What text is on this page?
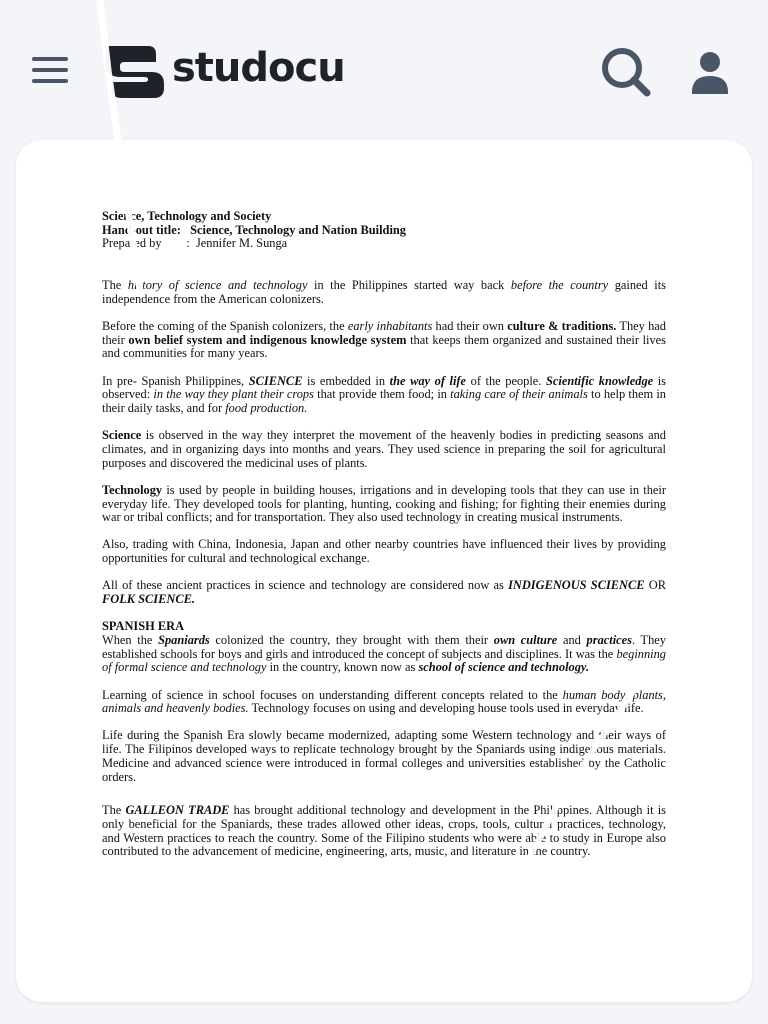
studocu

Science, Technology and Society

Hand-out title: Science, Technology and Nation Building

Prepared by : Jennifer M. Sunga

The history of science and technology in the Philippines started way back before the country gained its independence from the American colonizers.

Before the coming of the Spanish colonizers, the early inhabitants had their own culture & traditions. They had their own belief system and indigenous knowledge system that keeps them organized and sustained their lives and communities for many years.

In pre- Spanish Philippines, SCIENCE is embedded in the way of life of the people. Scientific knowledge is observed: in the way they plant their crops that provide them food; in taking care of their animals to help them in their daily tasks, and for food production.

Science is observed in the way they interpret the movement of the heavenly bodies in predicting seasons and climates, and in organizing days into months and years. They used science in preparing the soil for agricultural purposes and discovered the medicinal uses of plants.

Technology is used by people in building houses, irrigations and in developing tools that they can use in their everyday life. They developed tools for planting, hunting, cooking and fishing; for fighting their enemies during war or tribal conflicts; and for transportation. They also used technology in creating musical instruments.

Also, trading with China, Indonesia, Japan and other nearby countries have influenced their lives by providing opportunities for cultural and technological exchange.

All of these ancient practices in science and technology are considered now as INDIGENOUS SCIENCE OR FOLK SCIENCE.

SPANISH ERA

When the Spaniards colonized the country, they brought with them their own culture and practices. They established schools for boys and girls and introduced the concept of subjects and disciplines. It was the beginning of formal science and technology in the country, known now as school of science and technology.

Learning of science in school focuses on understanding different concepts related to the human body, plants, animals and heavenly bodies. Technology focuses on using and developing house tools used in everyday life.

Life during the Spanish Era slowly became modernized, adapting some Western technology and their ways of life. The Filipinos developed ways to replicate technology brought by the Spaniards using indigenous materials. Medicine and advanced science were introduced in formal colleges and universities established by the Catholic orders.

The GALLEON TRADE has brought additional technology and development in the Philippines. Although it is only beneficial for the Spaniards, these trades allowed other ideas, crops, tools, cultural practices, technology, and Western practices to reach the country. Some of the Filipino students who were able to study in Europe also contributed to the advancement of medicine, engineering, arts, music, and literature in the country.
